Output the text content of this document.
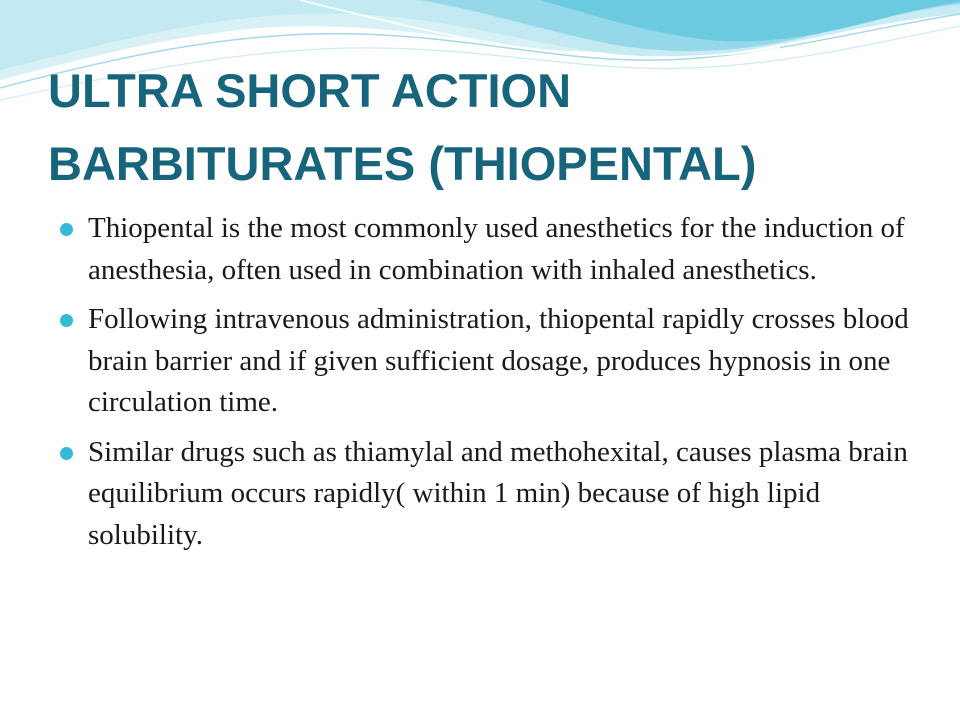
ULTRA SHORT ACTION
BARBITURATES (THIOPENTAL)
Thiopental is the most commonly used anesthetics for the induction of anesthesia, often used in combination with inhaled anesthetics.
Following intravenous administration, thiopental rapidly crosses blood brain barrier and if given sufficient dosage, produces hypnosis in one circulation time.
Similar drugs such as thiamylal and methohexital, causes plasma brain equilibrium occurs rapidly( within 1 min) because of high lipid solubility.
